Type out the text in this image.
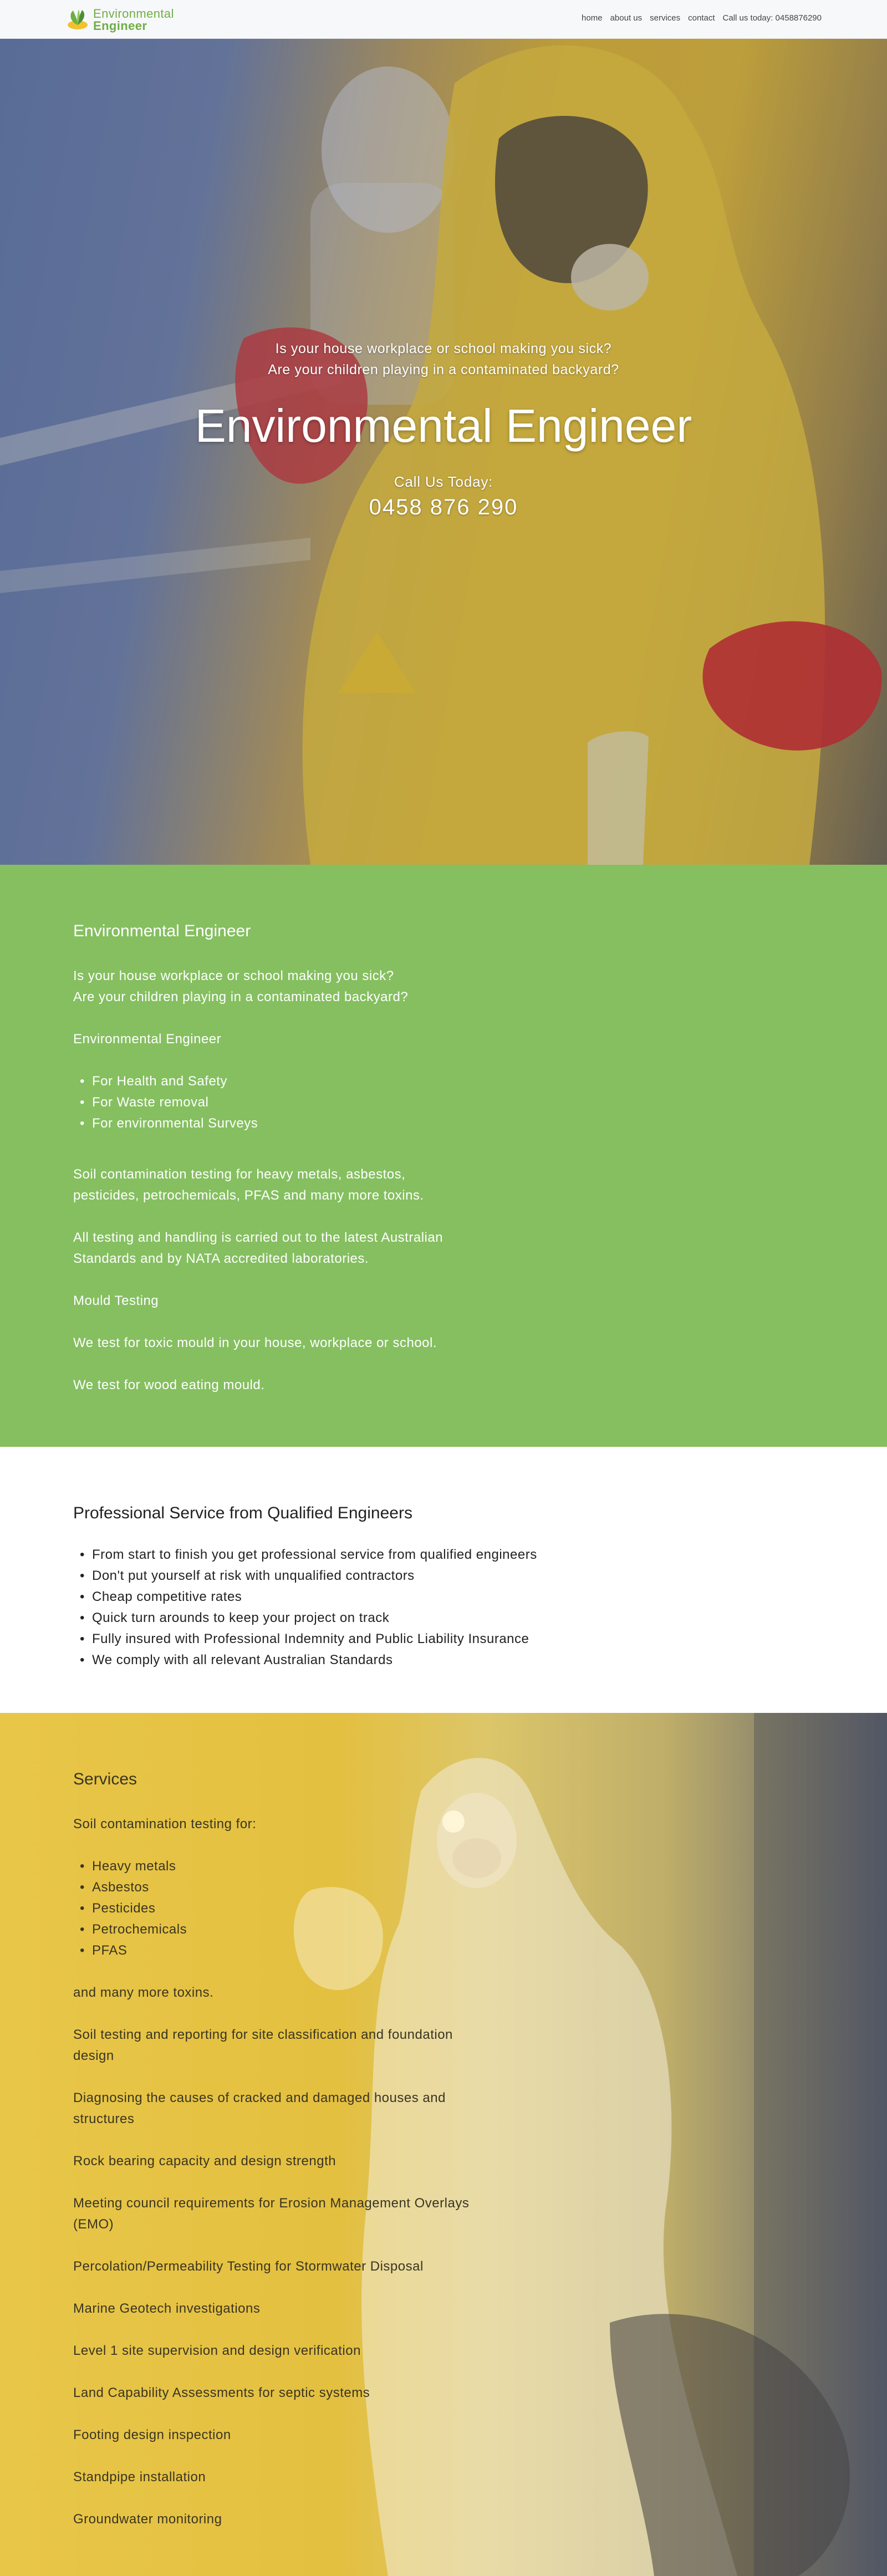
Environmental
Engineer
home about us services contact Call us today: 0458876290

Is your house workplace or school making you sick?

Are your children playing in a contaminated backyard?

Environmental Engineer

Call Us Today:

0458 876 290

Environmental Engineer

Is your house workplace or school making you sick?

Are your children playing in a contaminated backyard?

Environmental Engineer

• For Health and Safety
• For Waste removal
• For environmental Surveys

Soil contamination testing for heavy metals, asbestos, pesticides, petrochemicals, PFAS and many more toxins.

All testing and handling is carried out to the latest Australian Standards and by NATA accredited laboratories.

Mould Testing

We test for toxic mould in your house, workplace or school.

We test for wood eating mould.

Professional Service from Qualified Engineers
• From start to finish you get professional service from qualified engineers
• Don't put yourself at risk with unqualified contractors
• Cheap competitive rates
• Quick turn arounds to keep your project on track
• Fully insured with Professional Indemnity and Public Liability Insurance
• We comply with all relevant Australian Standards
Services

Soil contamination testing for:

• Heavy metals
• Asbestos
• Pesticides
• Petrochemicals
• PFAS

and many more toxins.

Soil testing and reporting for site classification and foundation design

Diagnosing the causes of cracked and damaged houses and structures

Rock bearing capacity and design strength

Meeting council requirements for Erosion Management Overlays (EMO)

Percolation/Permeability Testing for Stormwater Disposal

Marine Geotech investigations

Level 1 site supervision and design verification

Land Capability Assessments for septic systems

Footing design inspection

Standpipe installation

Groundwater monitoring
